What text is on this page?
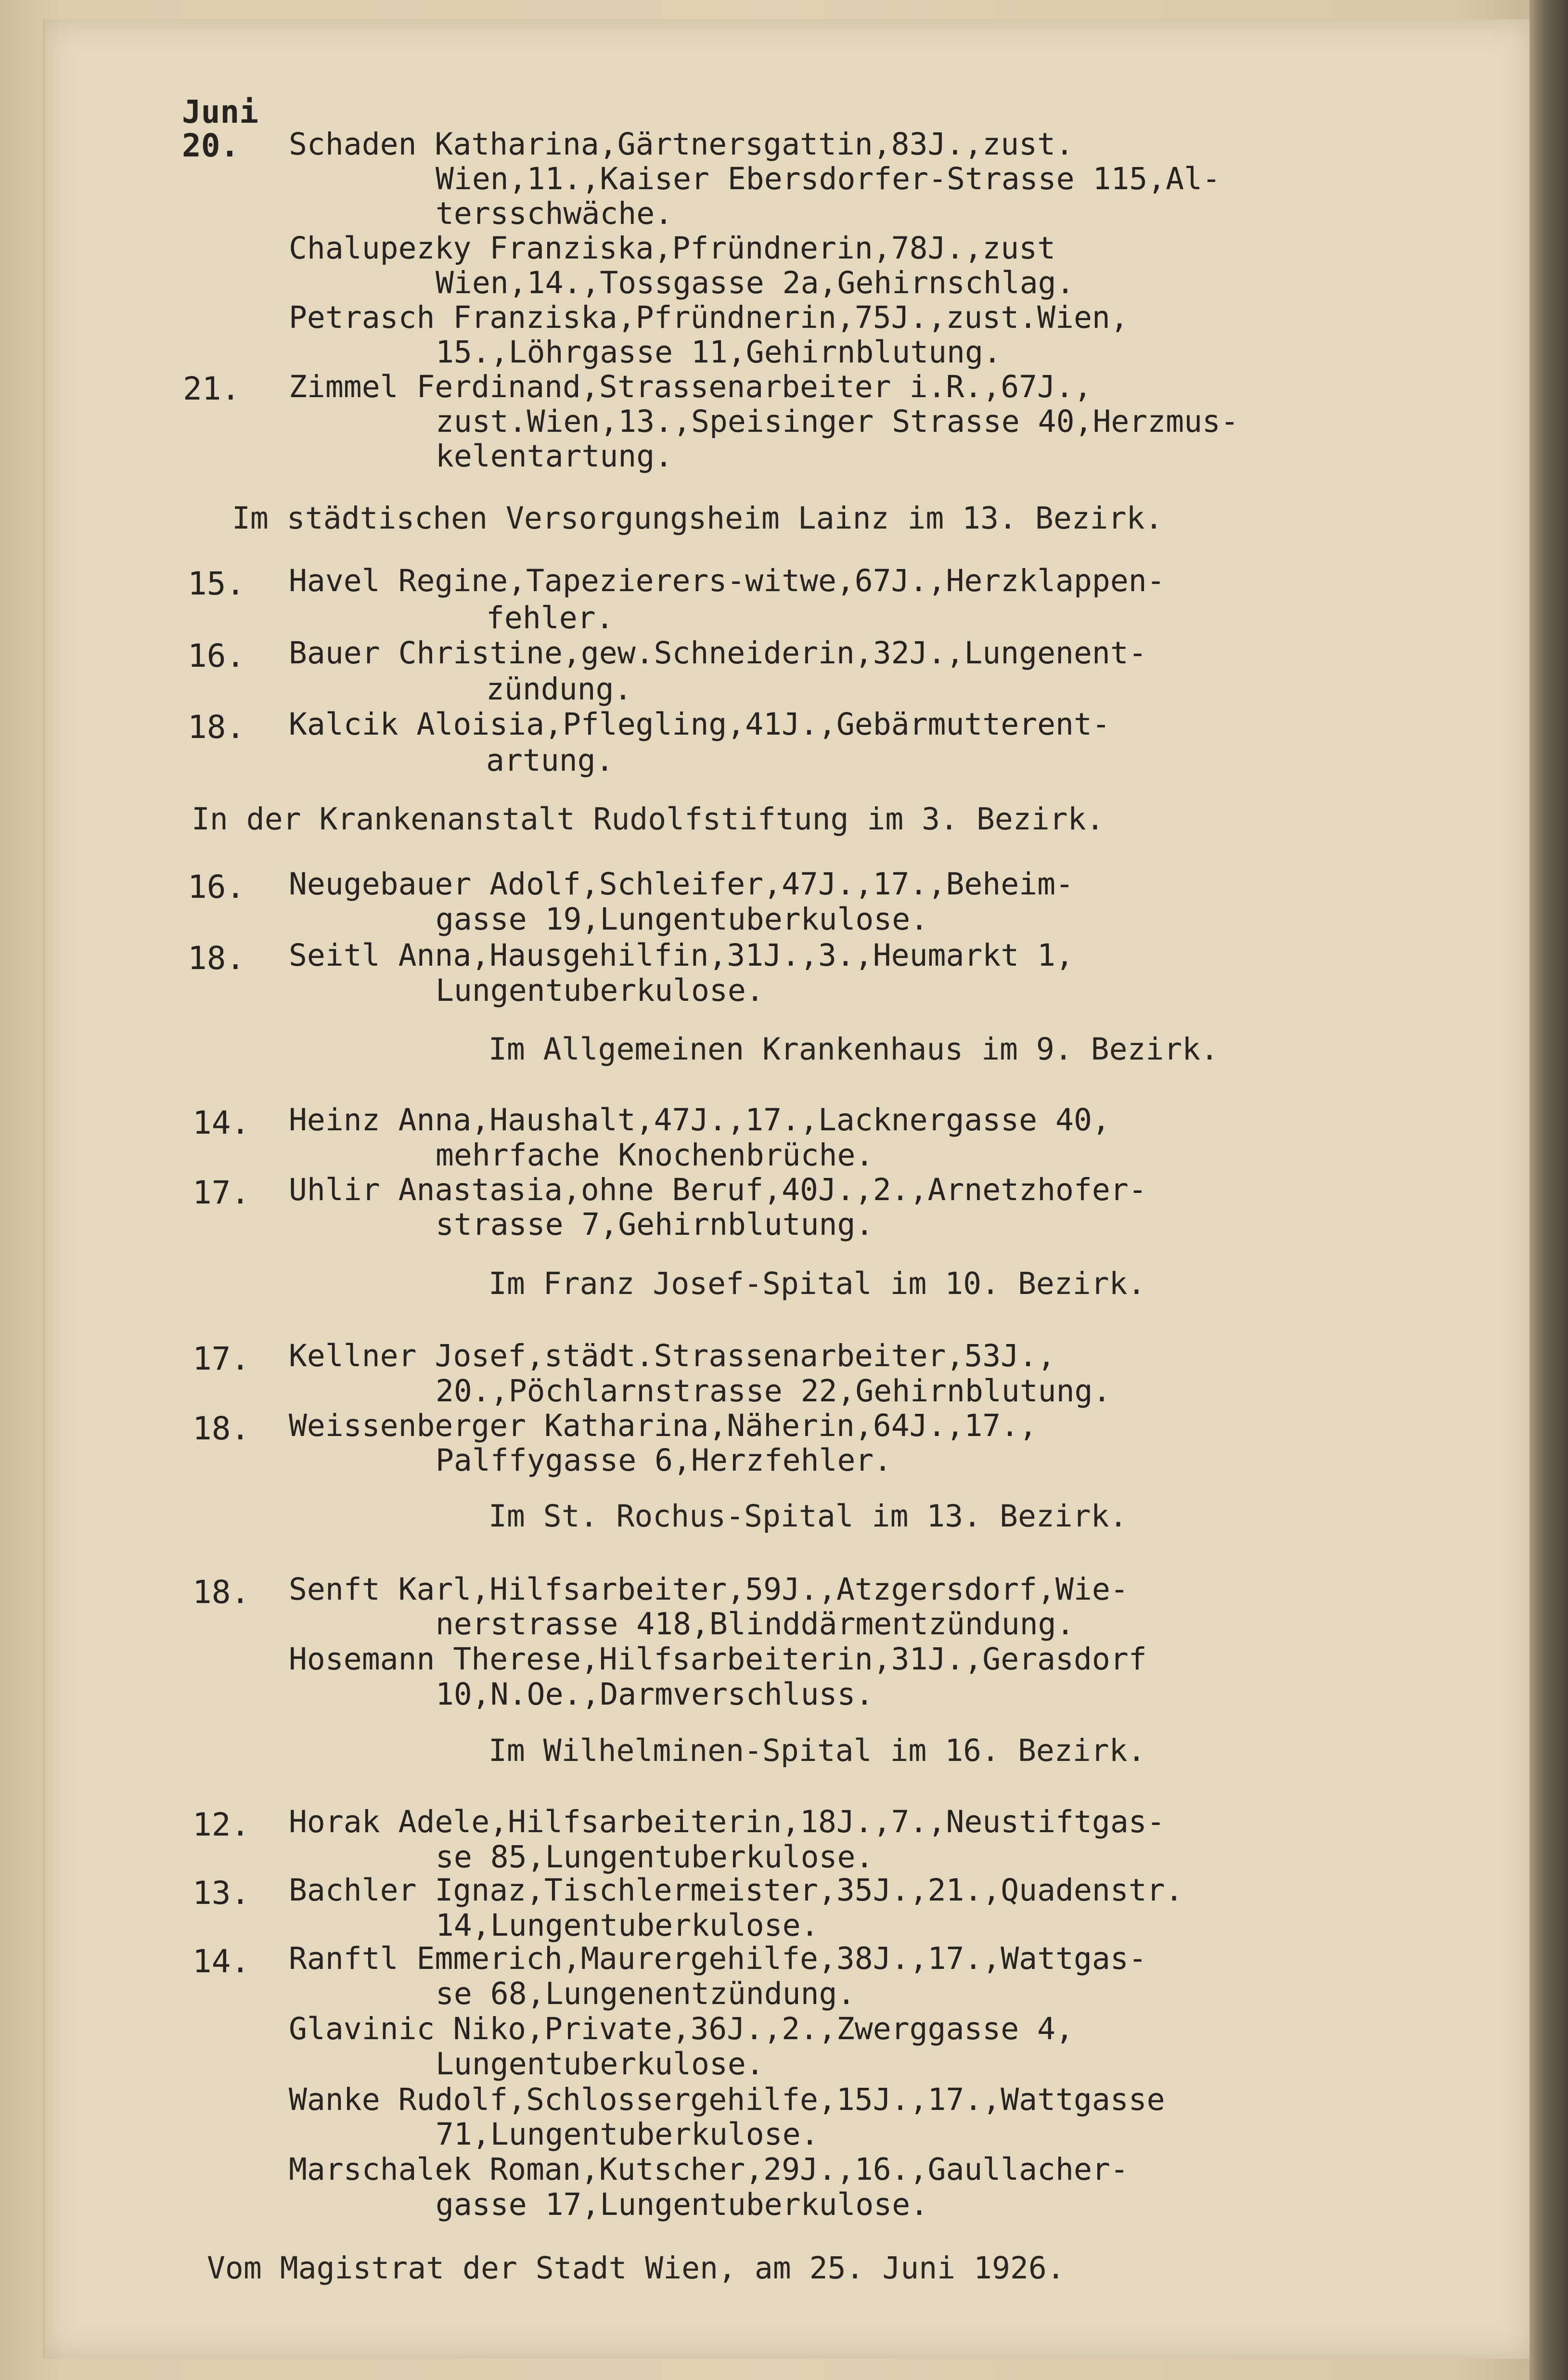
Juni
20. Schaden Katharina,Gärtnersgattin,83J.,zust.
Wien,11.,Kaiser Ebersdorfer-Strasse 115,Al-
tersschwäche.
Chalupezky Franziska,Pfründnerin,78J.,zust
Wien,14.,Tossgasse 2a,Gehirnschlag.
Petrasch Franziska,Pfründnerin,75J.,zust.Wien,
15.,Löhrgasse 11,Gehirnblutung.
21. Zimmel Ferdinand,Strassenarbeiter i.R.,67J.,
zust.Wien,13.,Speisinger Strasse 40,Herzmus-
kelentartung.
Im städtischen Versorgungsheim Lainz im 13. Bezirk.
15. Havel Regine,Tapezierers-witwe,67J.,Herzklappen-
fehler.
16. Bauer Christine,gew.Schneiderin,32J.,Lungenent-
zündung.
18. Kalcik Aloisia,Pflegling,41J.,Gebärmutterent-
artung.
In der Krankenanstalt Rudolfstiftung im 3. Bezirk.
16. Neugebauer Adolf,Schleifer,47J.,17.,Beheim-
gasse 19,Lungentuberkulose.
18. Seitl Anna,Hausgehilfin,31J.,3.,Heumarkt 1,
Lungentuberkulose.
Im Allgemeinen Krankenhaus im 9. Bezirk.
14. Heinz Anna,Haushalt,47J.,17.,Lacknergasse 40,
mehrfache Knochenbrüche.
17. Uhlir Anastasia,ohne Beruf,40J.,2.,Arnetzhofer-
strasse 7,Gehirnblutung.
Im Franz Josef-Spital im 10. Bezirk.
17. Kellner Josef,städt.Strassenarbeiter,53J.,
20.,Pöchlarnstrasse 22,Gehirnblutung.
18. Weissenberger Katharina,Näherin,64J.,17.,
Palffygasse 6,Herzfehler.
Im St. Rochus-Spital im 13. Bezirk.
18. Senft Karl,Hilfsarbeiter,59J.,Atzgersdorf,Wie-
nerstrasse 418,Blinddärmentzündung.
Hosemann Therese,Hilfsarbeiterin,31J.,Gerasdorf
10,N.Oe.,Darmverschluss.
Im Wilhelminen-Spital im 16. Bezirk.
12. Horak Adele,Hilfsarbeiterin,18J.,7.,Neustiftgas-
se 85,Lungentuberkulose.
13. Bachler Ignaz,Tischlermeister,35J.,21.,Quadenstr.
14,Lungentuberkulose.
14. Ranftl Emmerich,Maurergehilfe,38J.,17.,Wattgas-
se 68,Lungenentzündung.
Glavinic Niko,Private,36J.,2.,Zwerggasse 4,
Lungentuberkulose.
Wanke Rudolf,Schlossergehilfe,15J.,17.,Wattgasse
71,Lungentuberkulose.
Marschalek Roman,Kutscher,29J.,16.,Gaullacher-
gasse 17,Lungentuberkulose.
Vom Magistrat der Stadt Wien, am 25. Juni 1926.
